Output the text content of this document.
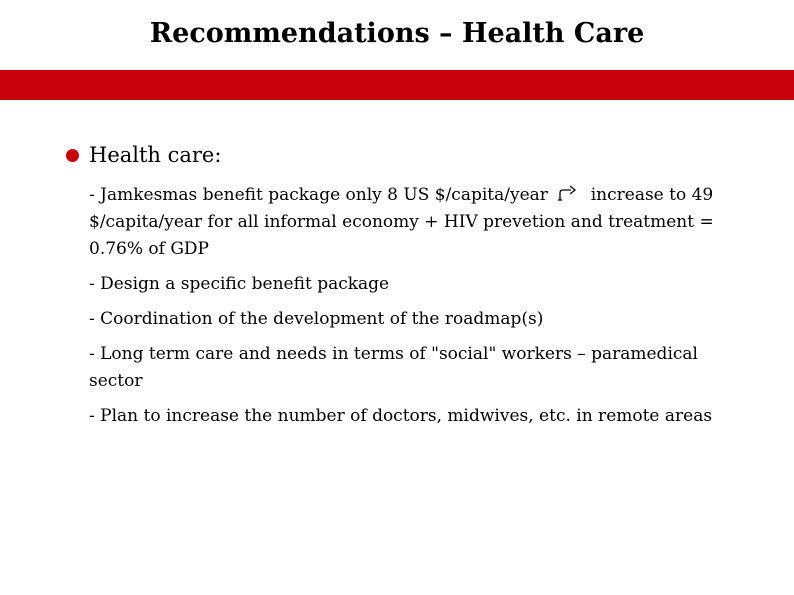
Recommendations – Health Care
Health care:

- Jamkesmas benefit package only 8 US $/capita/year	increase to 49 $/capita/year for all informal economy + HIV prevetion and treatment = 0.76% of GDP

- Design a specific benefit package

- Coordination of the development of the roadmap(s)

- Long term care and needs in terms of "social" workers – paramedical sector

- Plan to increase the number of doctors, midwives, etc. in remote areas
